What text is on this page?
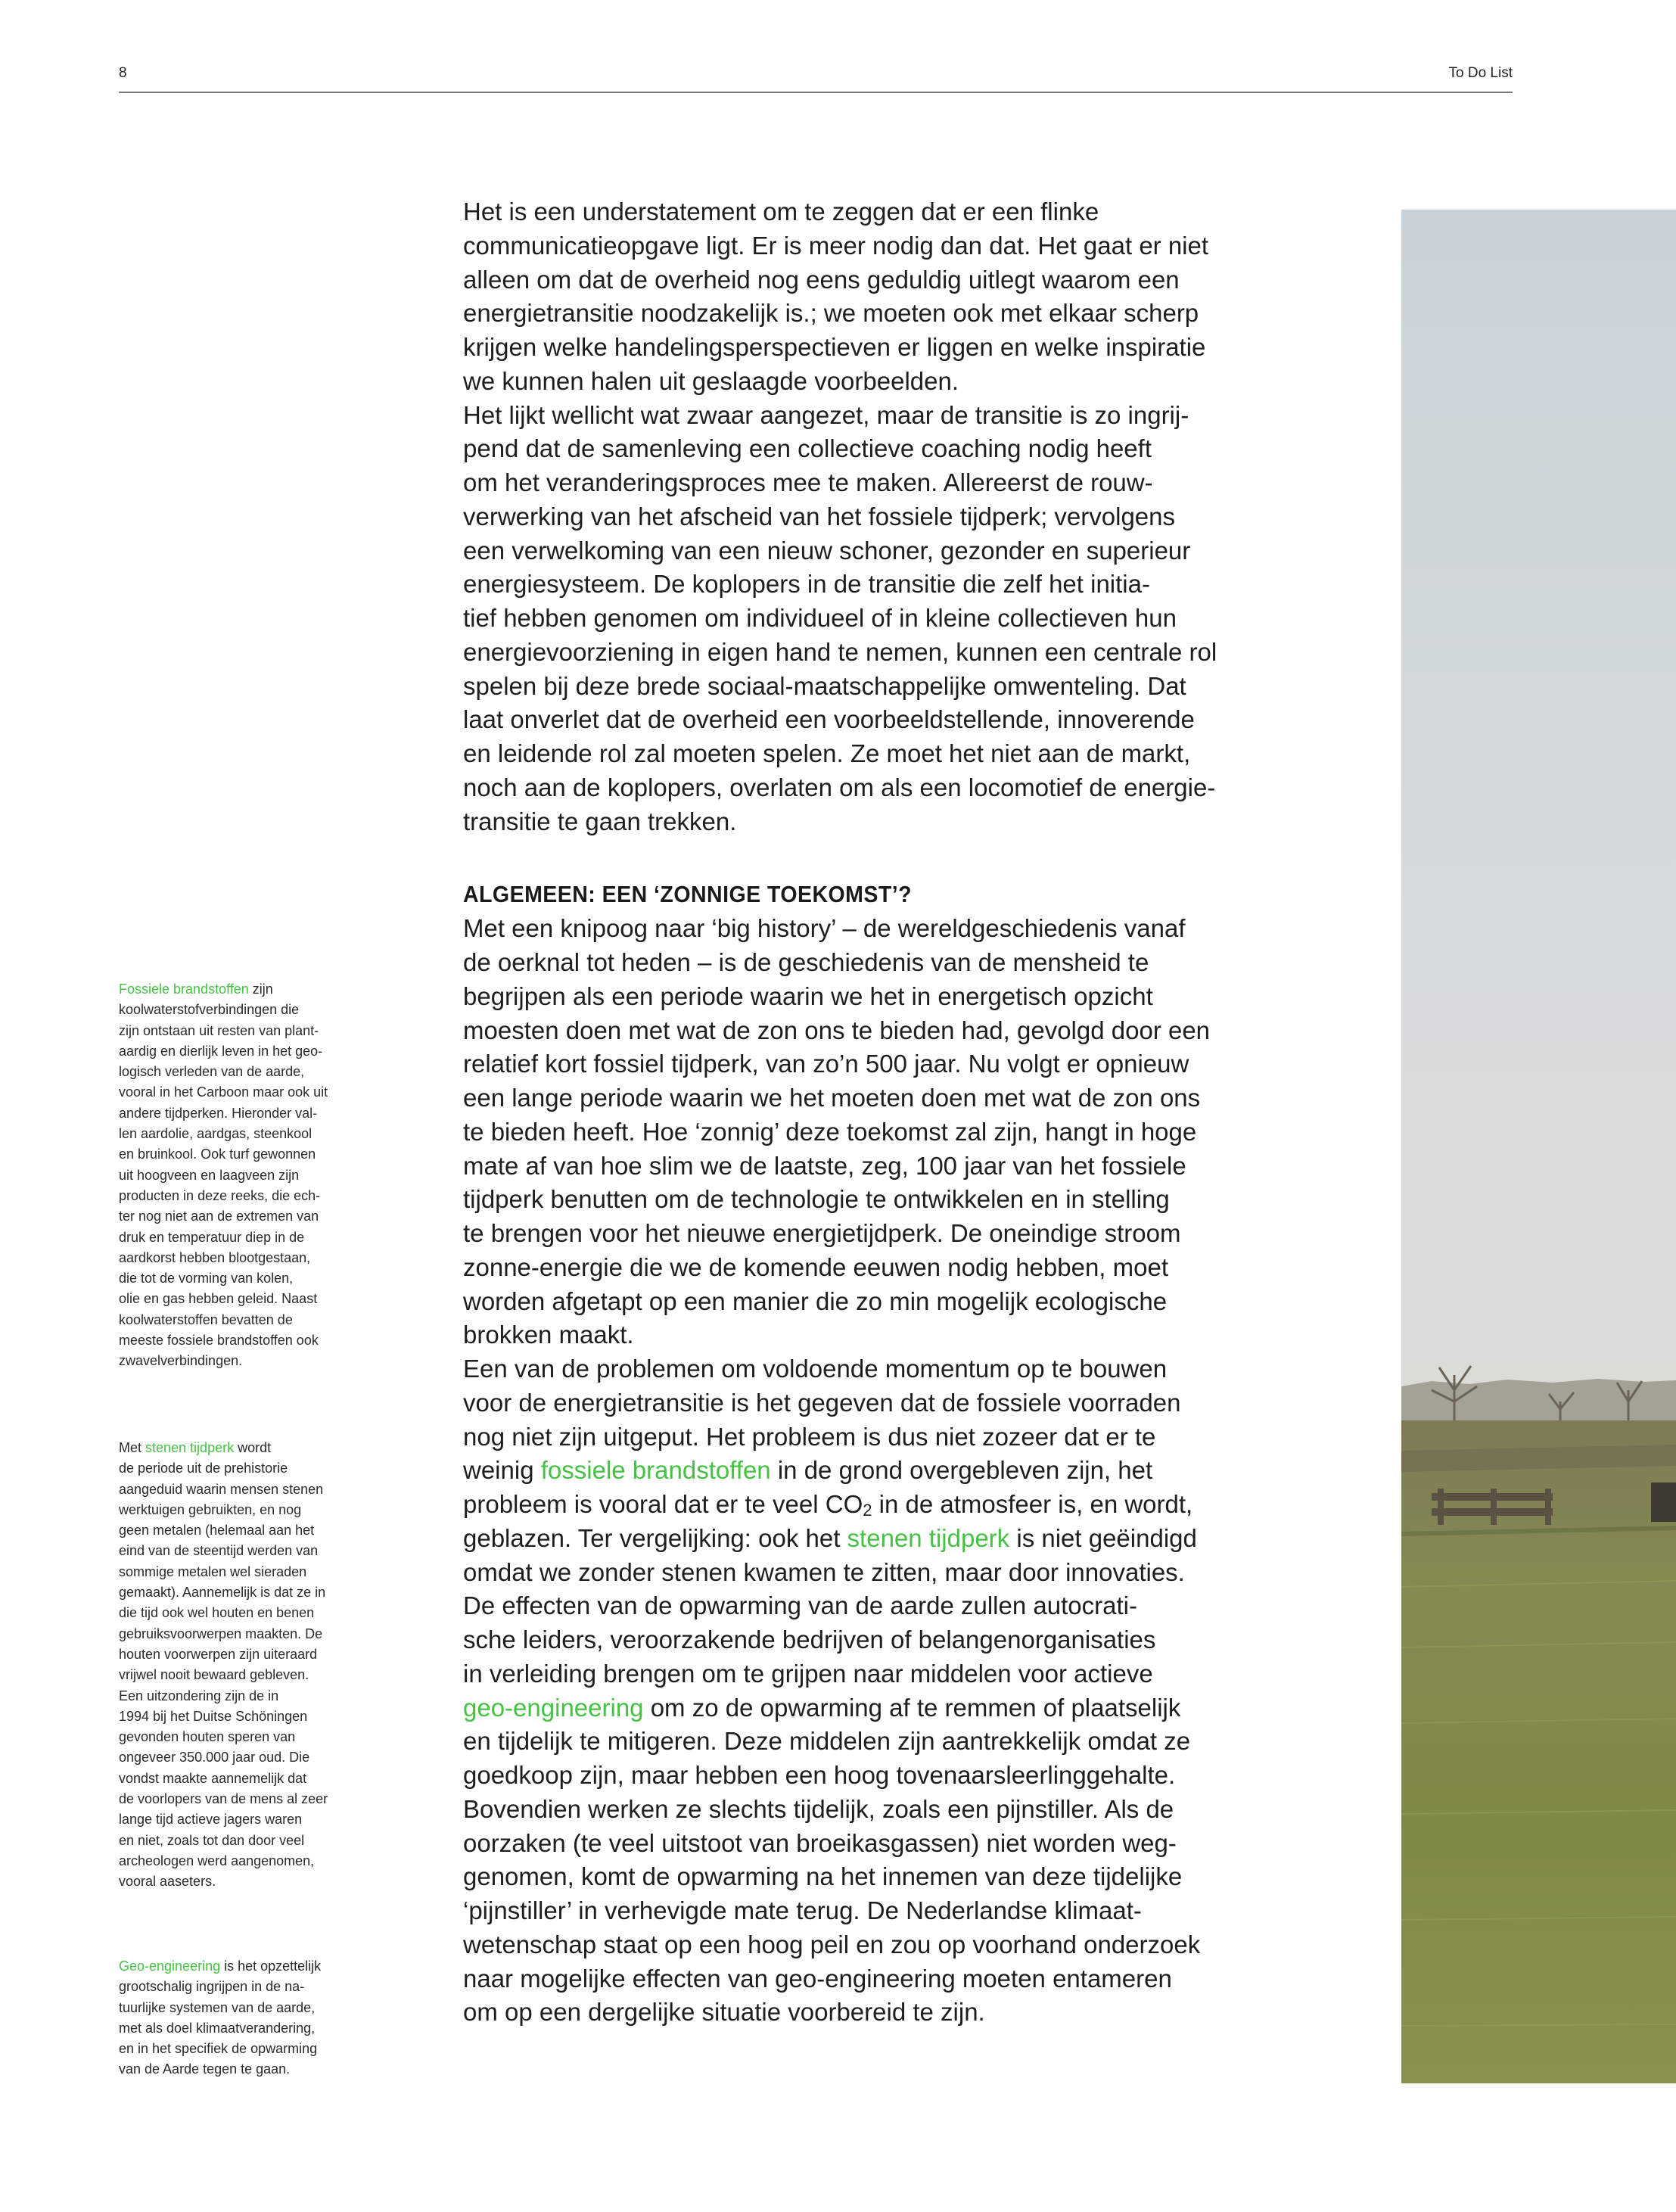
8	To Do List

Het is een understatement om te zeggen dat er een flinke
communicatieopgave ligt. Er is meer nodig dan dat. Het gaat er niet
alleen om dat de overheid nog eens geduldig uitlegt waarom een
energietransitie noodzakelijk is.; we moeten ook met elkaar scherp
krijgen welke handelingsperspectieven er liggen en welke inspiratie
we kunnen halen uit geslaagde voorbeelden.
Het lijkt wellicht wat zwaar aangezet, maar de transitie is zo ingrij-
pend dat de samenleving een collectieve coaching nodig heeft
om het veranderingsproces mee te maken. Allereerst de rouw-
verwerking van het afscheid van het fossiele tijdperk; vervolgens
een verwelkoming van een nieuw schoner, gezonder en superieur
energiesysteem. De koplopers in de transitie die zelf het initia-
tief hebben genomen om individueel of in kleine collectieven hun
energievoorziening in eigen hand te nemen, kunnen een centrale rol
spelen bij deze brede sociaal-maatschappelijke omwenteling. Dat
laat onverlet dat de overheid een voorbeeldstellende, innoverende
en leidende rol zal moeten spelen. Ze moet het niet aan de markt,
noch aan de koplopers, overlaten om als een locomotief de energie-
transitie te gaan trekken.

ALGEMEEN: EEN ‘ZONNIGE TOEKOMST’?

Met een knipoog naar ‘big history’ – de wereldgeschiedenis vanaf
de oerknal tot heden – is de geschiedenis van de mensheid te
begrijpen als een periode waarin we het in energetisch opzicht
moesten doen met wat de zon ons te bieden had, gevolgd door een
relatief kort fossiel tijdperk, van zo’n 500 jaar. Nu volgt er opnieuw
een lange periode waarin we het moeten doen met wat de zon ons
te bieden heeft. Hoe ‘zonnig’ deze toekomst zal zijn, hangt in hoge
mate af van hoe slim we de laatste, zeg, 100 jaar van het fossiele
tijdperk benutten om de technologie te ontwikkelen en in stelling
te brengen voor het nieuwe energietijdperk. De oneindige stroom
zonne-energie die we de komende eeuwen nodig hebben, moet
worden afgetapt op een manier die zo min mogelijk ecologische
brokken maakt.
Een van de problemen om voldoende momentum op te bouwen
voor de energietransitie is het gegeven dat de fossiele voorraden
nog niet zijn uitgeput. Het probleem is dus niet zozeer dat er te
weinig fossiele brandstoffen in de grond overgebleven zijn, het
probleem is vooral dat er te veel $CO_2$ in de atmosfeer is, en wordt,
geblazen. Ter vergelijking: ook het stenen tijdperk is niet geëindigd
omdat we zonder stenen kwamen te zitten, maar door innovaties.
De effecten van de opwarming van de aarde zullen autocrati-
sche leiders, veroorzakende bedrijven of belangenorganisaties
in verleiding brengen om te grijpen naar middelen voor actieve
geo-engineering om zo de opwarming af te remmen of plaatselijk
en tijdelijk te mitigeren. Deze middelen zijn aantrekkelijk omdat ze
goedkoop zijn, maar hebben een hoog tovenaarsleerlinggehalte.
Bovendien werken ze slechts tijdelijk, zoals een pijnstiller. Als de
oorzaken (te veel uitstoot van broeikasgassen) niet worden weg-
genomen, komt de opwarming na het innemen van deze tijdelijke
‘pijnstiller’ in verhevigde mate terug. De Nederlandse klimaat-
wetenschap staat op een hoog peil en zou op voorhand onderzoek
naar mogelijke effecten van geo-engineering moeten entameren
om op een dergelijke situatie voorbereid te zijn.

Fossiele brandstoffen zijn
koolwaterstofverbindingen die
zijn ontstaan uit resten van plant-
aardig en dierlijk leven in het geo-
logisch verleden van de aarde,
vooral in het Carboon maar ook uit
andere tijdperken. Hieronder val-
len aardolie, aardgas, steenkool
en bruinkool. Ook turf gewonnen
uit hoogveen en laagveen zijn
producten in deze reeks, die ech-
ter nog niet aan de extremen van
druk en temperatuur diep in de
aardkorst hebben blootgestaan,
die tot de vorming van kolen,
olie en gas hebben geleid. Naast
koolwaterstoffen bevatten de
meeste fossiele brandstoffen ook
zwavelverbindingen.
Met stenen tijdperk wordt
de periode uit de prehistorie
aangeduid waarin mensen stenen
werktuigen gebruikten, en nog
geen metalen (helemaal aan het
eind van de steentijd werden van
sommige metalen wel sieraden
gemaakt). Aannemelijk is dat ze in
die tijd ook wel houten en benen
gebruiksvoorwerpen maakten. De
houten voorwerpen zijn uiteraard
vrijwel nooit bewaard gebleven.
Een uitzondering zijn de in
1994 bij het Duitse Schöningen
gevonden houten speren van
ongeveer 350.000 jaar oud. Die
vondst maakte aannemelijk dat
de voorlopers van de mens al zeer
lange tijd actieve jagers waren
en niet, zoals tot dan door veel
archeologen werd aangenomen,
vooral aaseters.
Geo-engineering is het opzettelijk
grootschalig ingrijpen in de na-
tuurlijke systemen van de aarde,
met als doel klimaatverandering,
en in het specifiek de opwarming
van de Aarde tegen te gaan.
